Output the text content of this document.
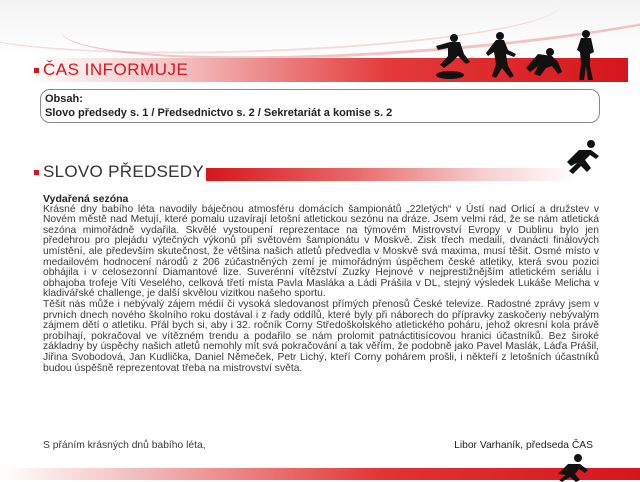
ČAS INFORMUJE
Obsah:
Slovo předsedy s. 1 / Předsednictvo s. 2 / Sekretariát a komise s. 2
SLOVO PŘEDSEDY
Vydařená sezóna

Krásné dny babího léta navodily báječnou atmosféru domácích šampionátů „22letých“ v Ústí nad Orlicí a družstev v Novém městě nad Metují, které pomalu uzavírají letošní atletickou sezónu na dráze. Jsem velmi rád, že se nám atletická sezóna mimořádně vydařila. Skvělé vystoupení reprezentace na týmovém Mistrovství Evropy v Dublinu bylo jen předehrou pro plejádu výtečných výkonů při světovém šampionátu v Moskvě. Zisk třech medailí, dvanácti finálových umístění, ale především skutečnost, že většina našich atletů předvedla v Moskvě svá maxima, musí těšit. Osmé místo v medailovém hodnocení národů z 206 zúčastněných zemí je mimořádným úspěchem české atletiky, která svou pozici obhájila i v celosezonní Diamantové lize. Suverénní vítězství Zuzky Hejnové v nejprestižnějším atletickém seriálu i obhajoba trofeje Víti Veselého, celková třetí místa Pavla Masláka a Ládi Prášila v DL, stejný výsledek Lukáše Melicha v kladivářské challenge, je další skvělou vizitkou našeho sportu.

Těšit nás může i nebývalý zájem médií či vysoká sledovanost přímých přenosů České televize. Radostné zprávy jsem v prvních dnech nového školního roku dostával i z řady oddílů, které byly při náborech do přípravky zaskočeny nebývalým zájmem dětí o atletiku. Přál bych si, aby i 32. ročník Corny Středoškolského atletického poháru, jehož okresní kola právě probíhají, pokračoval ve vítězném trendu a podařilo se nám prolomit patnáctitisícovou hranici účastníků. Bez široké základny by úspěchy našich atletů nemohly mít svá pokračování a tak věřím, že podobně jako Pavel Maslák, Láďa Prášil, Jiřina Svobodová, Jan Kudlička, Daniel Němeček, Petr Lichý, kteří Corny pohárem prošli, i někteří z letošních účastníků budou úspěšně reprezentovat třeba na mistrovství světa.

S přáním krásných dnů babího léta,	Libor Varhaník, předseda ČAS
